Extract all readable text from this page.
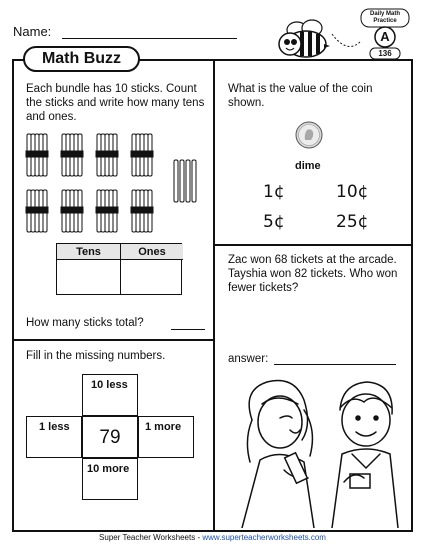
Name:
Daily Math
Practice
A
136
Math Buzz
Each bundle has 10 sticks. Count the sticks and write how many tens and ones.
Tens	Ones
How many sticks total?
What is the value of the coin shown.
dime
1¢	10¢
5¢	25¢
Zac won 68 tickets at the arcade. Tayshia won 82 tickets. Who won fewer tickets?
answer:
Fill in the missing numbers.
10 less
1 less	79	1 more
10 more
Super Teacher Worksheets - www.superteacherworksheets.com
